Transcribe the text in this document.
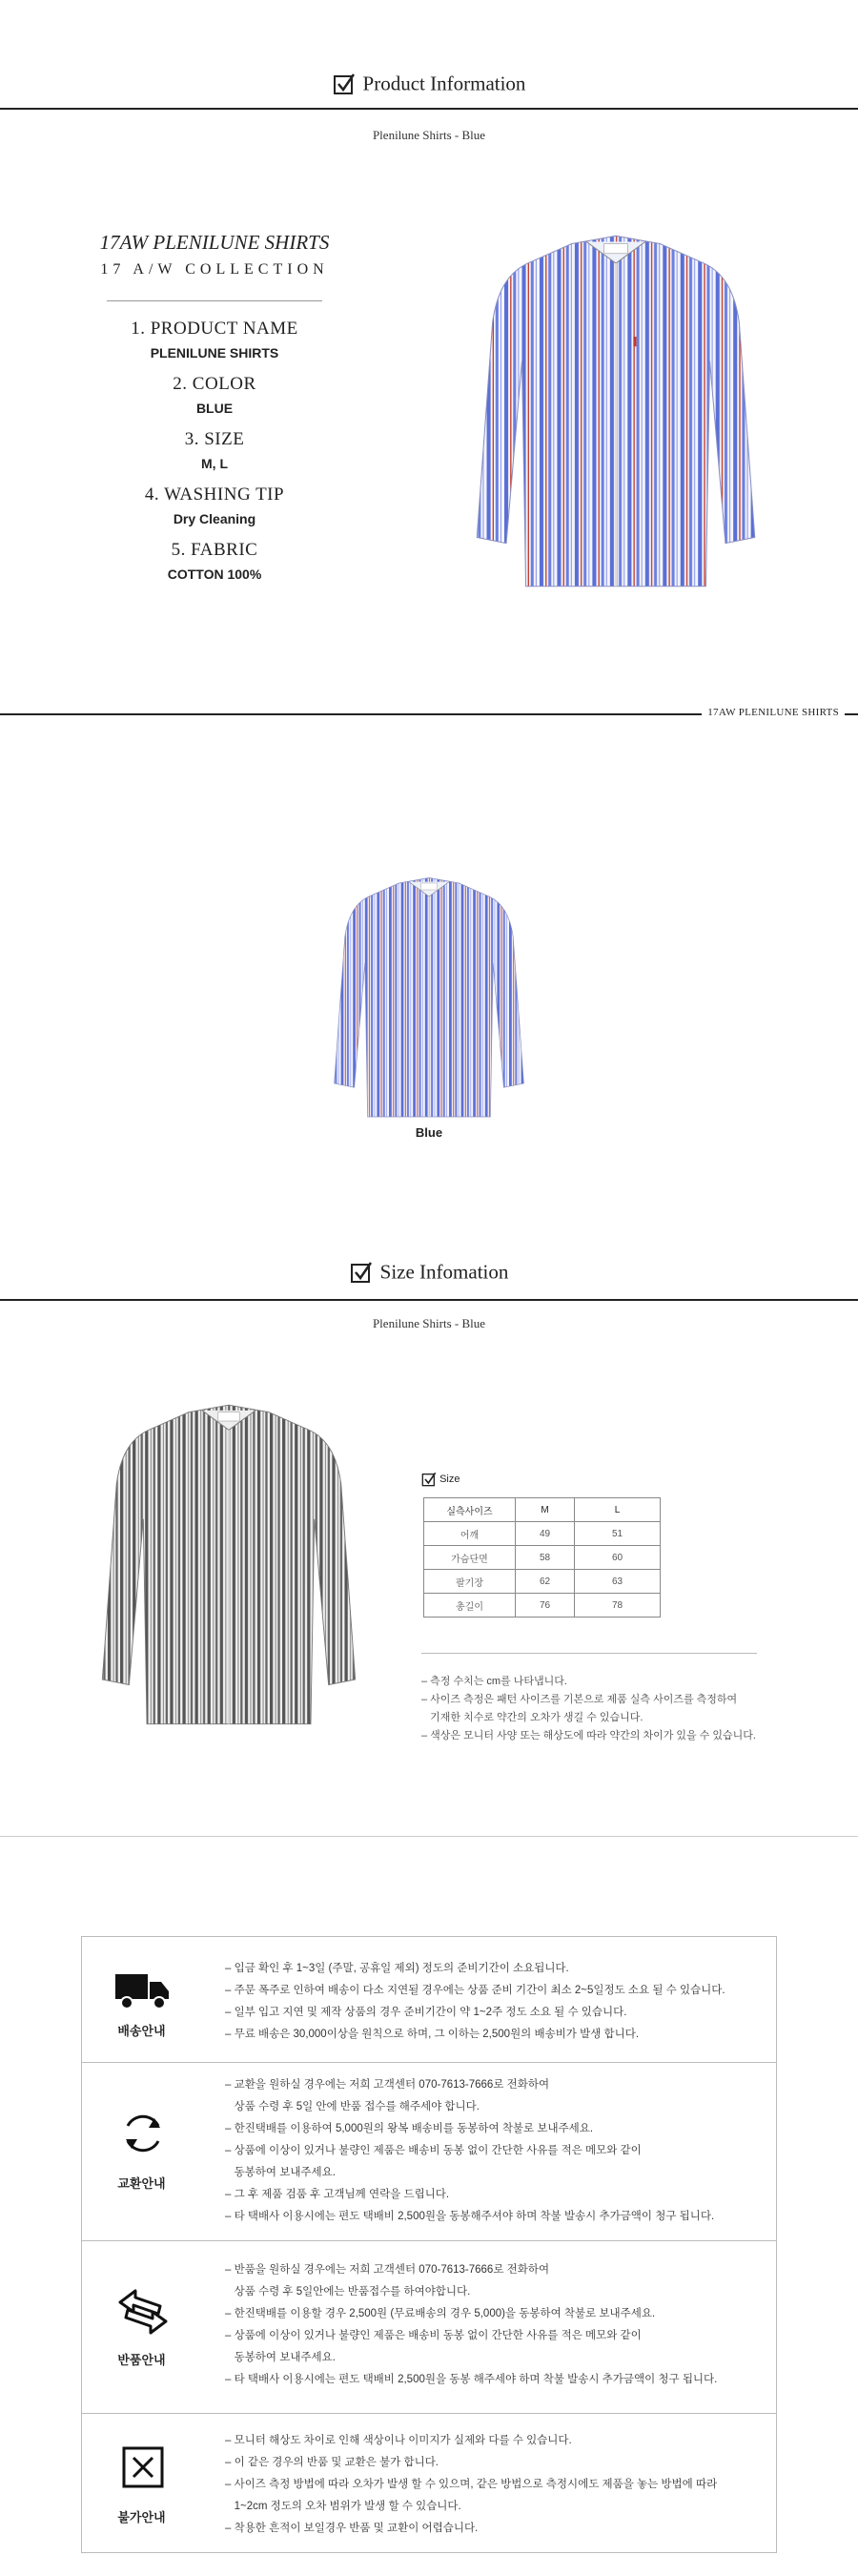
Product Information
Plenilune Shirts - Blue
17AW PLENILUNE SHIRTS
17 A/W COLLECTION
1. PRODUCT NAME
PLENILUNE SHIRTS
2. COLOR
BLUE
3. SIZE
M, L
4. WASHING TIP
Dry Cleaning
5. FABRIC
COTTON 100%
17AW PLENILUNE SHIRTS
Blue
Size Infomation
Plenilune Shirts - Blue
Size
실측사이즈	M	L
어깨	49	51
가슴단면	58	60
팔기장	62	63
총길이	76	78
– 측정 수치는 cm를 나타냅니다.
– 사이즈 측정은 패턴 사이즈를 기본으로 제품 실측 사이즈를 측정하여
기재한 치수로 약간의 오차가 생길 수 있습니다.
– 색상은 모니터 사양 또는 해상도에 따라 약간의 차이가 있을 수 있습니다.
배송안내
– 입금 확인 후 1~3일 (주말, 공휴일 제외) 정도의 준비기간이 소요됩니다.
– 주문 폭주로 인하여 배송이 다소 지연될 경우에는 상품 준비 기간이 최소 2~5일정도 소요 될 수 있습니다.
– 일부 입고 지연 및 제작 상품의 경우 준비기간이 약 1~2주 정도 소요 될 수 있습니다.
– 무료 배송은 30,000이상을 원칙으로 하며, 그 이하는 2,500원의 배송비가 발생 합니다.
교환안내
– 교환을 원하실 경우에는 저희 고객센터 070-7613-7666로 전화하여
상품 수령 후 5일 안에 반품 접수를 해주세야 합니다.
– 한진택배를 이용하여 5,000원의 왕복 배송비를 동봉하여 착불로 보내주세요.
– 상품에 이상이 있거나 불량인 제품은 배송비 동봉 없이 간단한 사유를 적은 메모와 같이
동봉하여 보내주세요.
– 그 후 제품 검품 후 고객님께 연락을 드립니다.
– 타 택배사 이용시에는 편도 택배비 2,500원을 동봉해주셔야 하며 착불 발송시 추가금액이 청구 됩니다.
반품안내
– 반품을 원하실 경우에는 저희 고객센터 070-7613-7666로 전화하여
상품 수령 후 5일안에는 반품접수를 하여야합니다.
– 한진택배를 이용할 경우 2,500원 (무료배송의 경우 5,000)을 동봉하여 착불로 보내주세요.
– 상품에 이상이 있거나 불량인 제품은 배송비 동봉 없이 간단한 사유를 적은 메모와 같이
동봉하여 보내주세요.
– 타 택배사 이용시에는 편도 택배비 2,500원을 동봉 해주세야 하며 착불 발송시 추가금액이 청구 됩니다.
불가안내
– 모니터 해상도 차이로 인해 색상이나 이미지가 실제와 다를 수 있습니다.
– 이 같은 경우의 반품 및 교환은 불가 합니다.
– 사이즈 측정 방법에 따라 오차가 발생 할 수 있으며, 같은 방법으로 측정시에도 제품을 놓는 방법에 따라
1~2cm 정도의 오차 범위가 발생 할 수 있습니다.
– 착용한 흔적이 보일경우 반품 및 교환이 어렵습니다.
